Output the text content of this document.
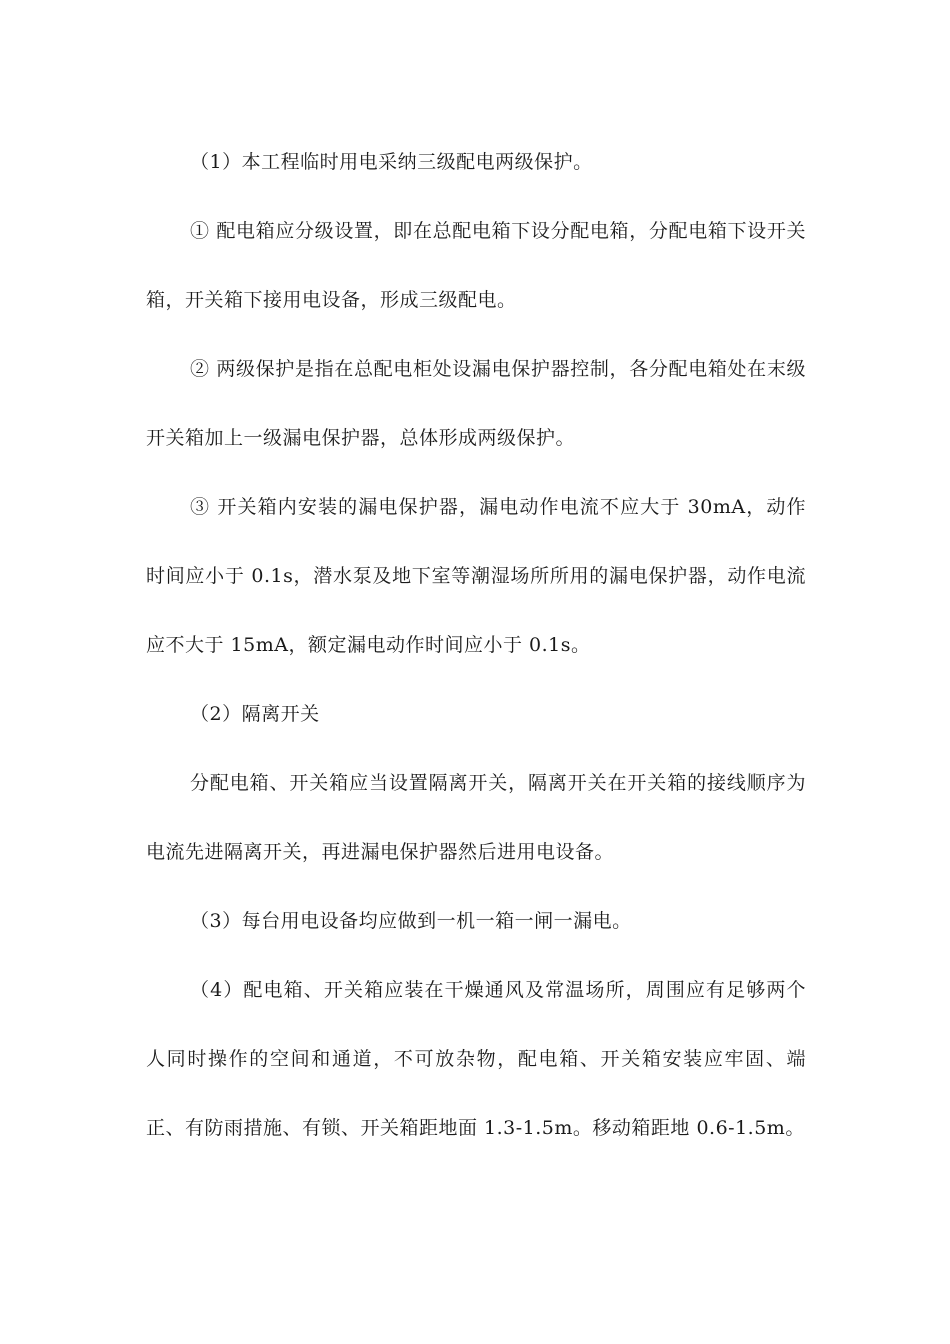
（1）本工程临时用电采纳三级配电两级保护。

① 配电箱应分级设置，即在总配电箱下设分配电箱，分配电箱下设开关箱，开关箱下接用电设备，形成三级配电。

② 两级保护是指在总配电柜处设漏电保护器控制，各分配电箱处在末级开关箱加上一级漏电保护器，总体形成两级保护。

③ 开关箱内安装的漏电保护器，漏电动作电流不应大于 30mA，动作时间应小于 0.1s，潜水泵及地下室等潮湿场所所用的漏电保护器，动作电流应不大于 15mA，额定漏电动作时间应小于 0.1s。

（2）隔离开关

分配电箱、开关箱应当设置隔离开关，隔离开关在开关箱的接线顺序为电流先进隔离开关，再进漏电保护器然后进用电设备。

（3）每台用电设备均应做到一机一箱一闸一漏电。

（4）配电箱、开关箱应装在干燥通风及常温场所，周围应有足够两个人同时操作的空间和通道，不可放杂物，配电箱、开关箱安装应牢固、端正、有防雨措施、有锁、开关箱距地面 1.3-1.5m。移动箱距地 0.6-1.5m。
